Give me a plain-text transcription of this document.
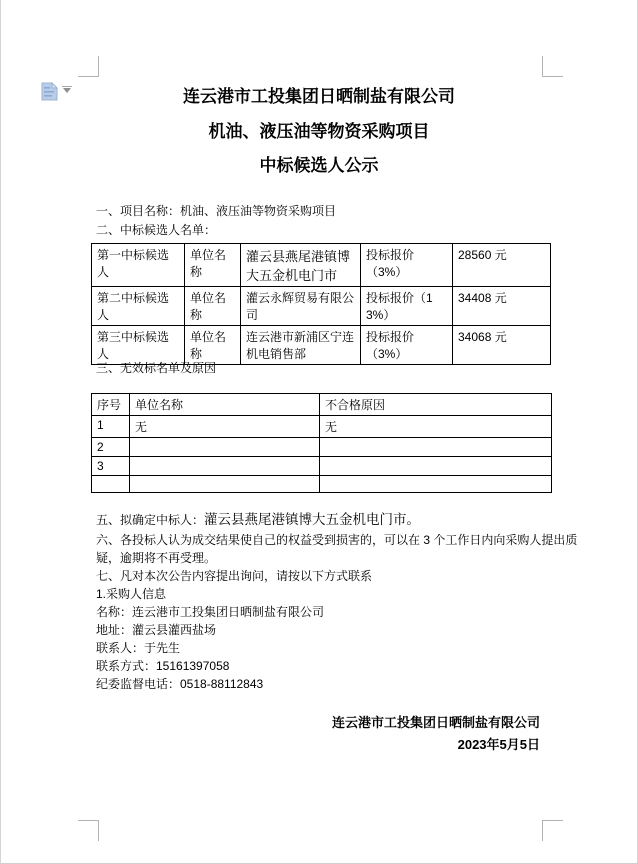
连云港市工投集团日晒制盐有限公司
机油、液压油等物资采购项目
中标候选人公示
一、项目名称：机油、液压油等物资采购项目
二、中标候选人名单：
第一中标候选人	单位名称	灌云县燕尾港镇博大五金机电门市	投标报价（3%）	28560 元
第二中标候选人	单位名称	灌云永辉贸易有限公司	投标报价（13%）	34408 元
第三中标候选人	单位名称	连云港市新浦区宁连机电销售部	投标报价（3%）	34068 元
三、无效标名单及原因
序号	单位名称	不合格原因
1	无	无
2		
3		

五、拟确定中标人：灌云县燕尾港镇博大五金机电门市。
六、各投标人认为成交结果使自己的权益受到损害的，可以在 3 个工作日内向采购人提出质
疑，逾期将不再受理。
七、凡对本次公告内容提出询问，请按以下方式联系
1.采购人信息
名称：连云港市工投集团日晒制盐有限公司
地址：灌云县灌西盐场
联系人：于先生
联系方式：15161397058
纪委监督电话：0518-88112843
连云港市工投集团日晒制盐有限公司
2023年5月5日
